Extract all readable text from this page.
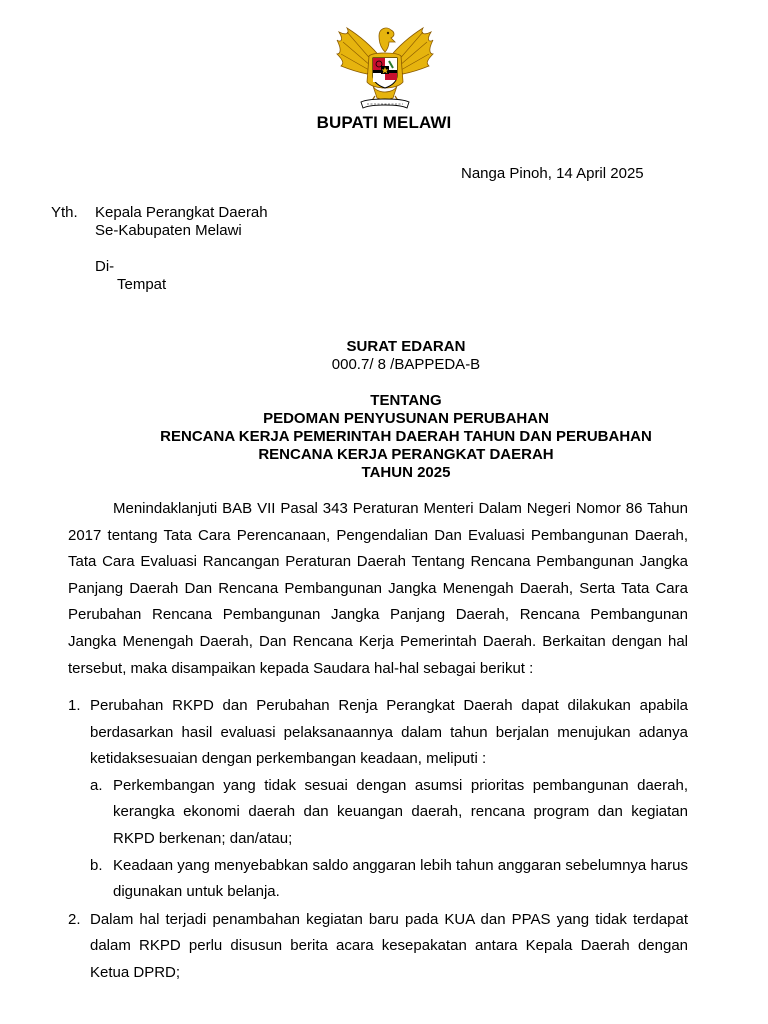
BUPATI MELAWI
Nanga Pinoh, 14 April 2025
Yth. Kepala Perangkat Daerah
Se-Kabupaten Melawi
Di-
Tempat
SURAT EDARAN
000.7/ 8 /BAPPEDA-B
TENTANG
PEDOMAN PENYUSUNAN PERUBAHAN
RENCANA KERJA PEMERINTAH DAERAH TAHUN DAN PERUBAHAN
RENCANA KERJA PERANGKAT DAERAH
TAHUN 2025
Menindaklanjuti BAB VII Pasal 343 Peraturan Menteri Dalam Negeri Nomor 86 Tahun 2017 tentang Tata Cara Perencanaan, Pengendalian Dan Evaluasi Pembangunan Daerah, Tata Cara Evaluasi Rancangan Peraturan Daerah Tentang Rencana Pembangunan Jangka Panjang Daerah Dan Rencana Pembangunan Jangka Menengah Daerah, Serta Tata Cara Perubahan Rencana Pembangunan Jangka Panjang Daerah, Rencana Pembangunan Jangka Menengah Daerah, Dan Rencana Kerja Pemerintah Daerah. Berkaitan dengan hal tersebut, maka disampaikan kepada Saudara hal-hal sebagai berikut :
1. Perubahan RKPD dan Perubahan Renja Perangkat Daerah dapat dilakukan apabila berdasarkan hasil evaluasi pelaksanaannya dalam tahun berjalan menujukan adanya ketidaksesuaian dengan perkembangan keadaan, meliputi :
a. Perkembangan yang tidak sesuai dengan asumsi prioritas pembangunan daerah, kerangka ekonomi daerah dan keuangan daerah, rencana program dan kegiatan RKPD berkenan; dan/atau;
b. Keadaan yang menyebabkan saldo anggaran lebih tahun anggaran sebelumnya harus digunakan untuk belanja.
2. Dalam hal terjadi penambahan kegiatan baru pada KUA dan PPAS yang tidak terdapat dalam RKPD perlu disusun berita acara kesepakatan antara Kepala Daerah dengan Ketua DPRD;
